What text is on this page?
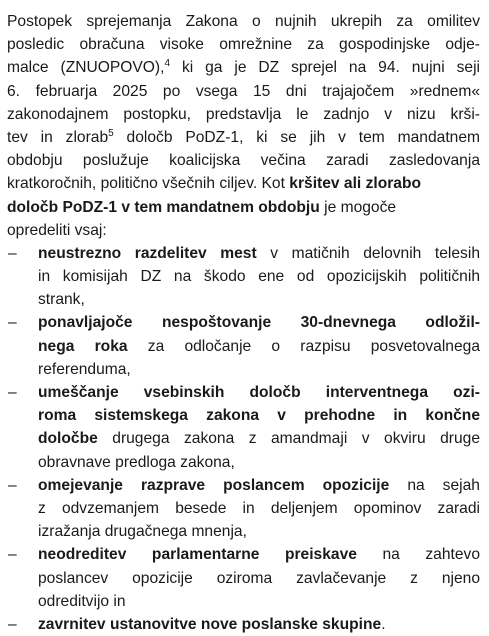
Postopek sprejemanja Zakona o nujnih ukrepih za omilitev
posledic obračuna visoke omrežnine za gospodinjske odje-
malce (ZNUOPOVO),$^4$ ki ga je DZ sprejel na 94. nujni seji
6. februarja 2025 po vsega 15 dni trajajočem »rednem«
zakonodajnem postopku, predstavlja le zadnjo v nizu krši-
tev in zlorab$^5$ določb PoDZ-1, ki se jih v tem mandatnem
obdobju poslužuje koalicijska večina zaradi zasledovanja
kratkoročnih, politično všečnih ciljev. Kot kršitev ali zlorabo
določb PoDZ-1 v tem mandatnem obdobju je mogoče
opredeliti vsaj:
–	neustrezno razdelitev mest v matičnih delovnih telesih
in komisijah DZ na škodo ene od opozicijskih političnih
strank,
–	ponavljajoče nespoštovanje 30-dnevnega odložil-
nega roka za odločanje o razpisu posvetovalnega
referenduma,
–	umeščanje vsebinskih določb interventnega ozi-
roma sistemskega zakona v prehodne in končne
določbe drugega zakona z amandmaji v okviru druge
obravnave predloga zakona,
–	omejevanje razprave poslancem opozicije na sejah
z odvzemanjem besede in deljenjem opominov zaradi
izražanja drugačnega mnenja,
–	neodreditev parlamentarne preiskave na zahtevo
poslancev opozicije oziroma zavlačevanje z njeno
odreditvijo in
–	zavrnitev ustanovitve nove poslanske skupine.
